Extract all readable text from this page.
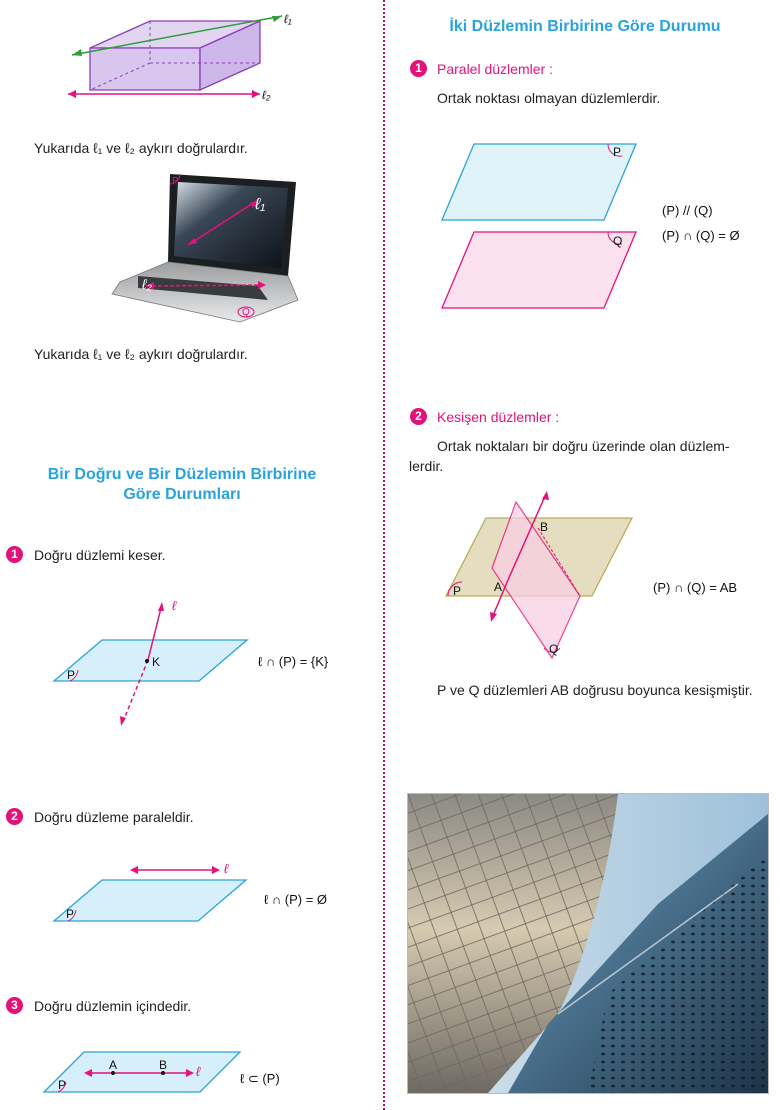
ℓ₁
ℓ₂
Yukarıda ℓ₁ ve ℓ₂ aykırı doğrulardır.
ℓ₁
ℓ₂
P
Q
Yukarıda ℓ₁ ve ℓ₂ aykırı doğrulardır.
Bir Doğru ve Bir Düzlemin Birbirine
Göre Durumları
1	Doğru düzlemi keser.
P
K
ℓ
ℓ ∩ (P) = {K}
2	Doğru düzleme paraleldir.
P
ℓ
ℓ ∩ (P) = Ø
3	Doğru düzlemin içindedir.
P
A	B ℓ	ℓ ⊂ (P)
İki Düzlemin Birbirine Göre Durumu
1	Paralel düzlemler :
Ortak noktası olmayan düzlemlerdir.
P
Q
(P) // (Q)
(P) ∩ (Q) = Ø
2	Kesişen düzlemler :
Ortak noktaları bir doğru üzerinde olan düzlem-
lerdir.
B
A
P
Q
(P) ∩ (Q) = AB
P ve Q düzlemleri AB doğrusu boyunca kesişmiştir.
